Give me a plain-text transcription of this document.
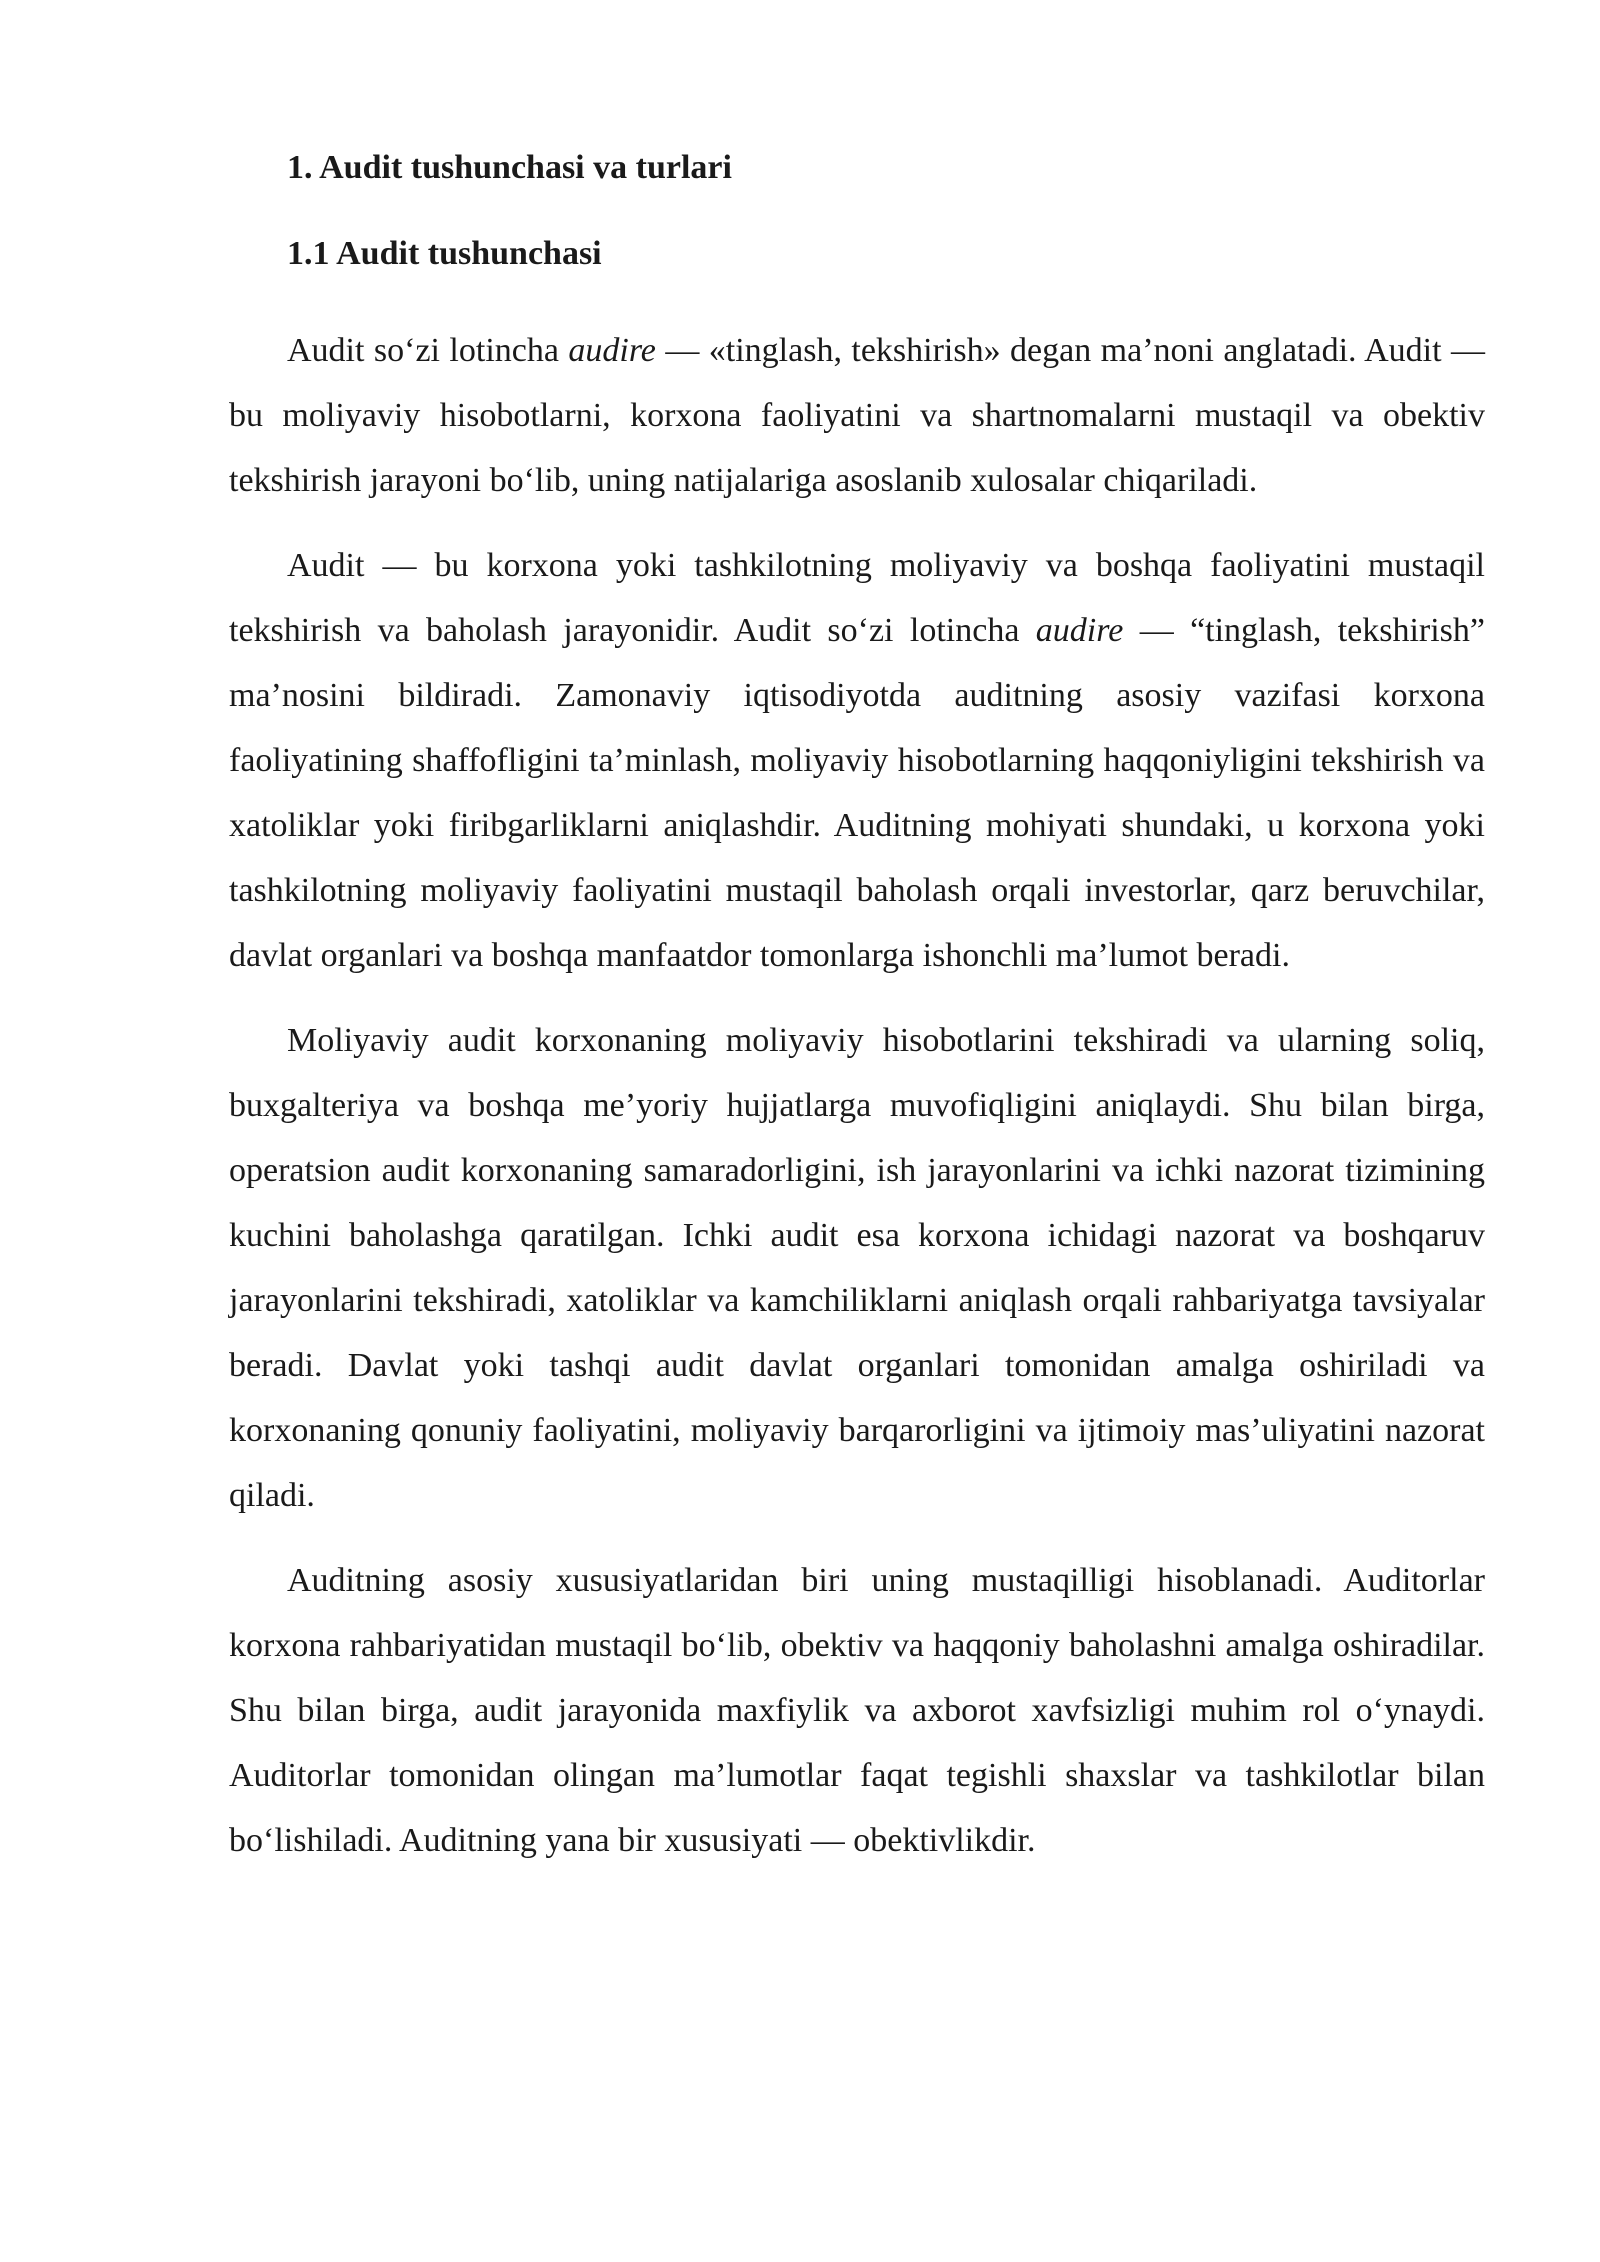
1. Audit tushunchasi va turlari
1.1 Audit tushunchasi

Audit so‘zi lotincha audire — «tinglash, tekshirish» degan ma’noni anglatadi. Audit — bu moliyaviy hisobotlarni, korxona faoliyatini va shartnomalarni mustaqil va obektiv tekshirish jarayoni bo‘lib, uning natijalariga asoslanib xulosalar chiqariladi.

Audit — bu korxona yoki tashkilotning moliyaviy va boshqa faoliyatini mustaqil tekshirish va baholash jarayonidir. Audit so‘zi lotincha audire — “tinglash, tekshirish” ma’nosini bildiradi. Zamonaviy iqtisodiyotda auditning asosiy vazifasi korxona faoliyatining shaffofligini ta’minlash, moliyaviy hisobotlarning haqqoniyligini tekshirish va xatoliklar yoki firibgarliklarni aniqlashdir. Auditning mohiyati shundaki, u korxona yoki tashkilotning moliyaviy faoliyatini mustaqil baholash orqali investorlar, qarz beruvchilar, davlat organlari va boshqa manfaatdor tomonlarga ishonchli ma’lumot beradi.

Moliyaviy audit korxonaning moliyaviy hisobotlarini tekshiradi va ularning soliq, buxgalteriya va boshqa me’yoriy hujjatlarga muvofiqligini aniqlaydi. Shu bilan birga, operatsion audit korxonaning samaradorligini, ish jarayonlarini va ichki nazorat tizimining kuchini baholashga qaratilgan. Ichki audit esa korxona ichidagi nazorat va boshqaruv jarayonlarini tekshiradi, xatoliklar va kamchiliklarni aniqlash orqali rahbariyatga tavsiyalar beradi. Davlat yoki tashqi audit davlat organlari tomonidan amalga oshiriladi va korxonaning qonuniy faoliyatini, moliyaviy barqarorligini va ijtimoiy mas’uliyatini nazorat qiladi.

Auditning asosiy xususiyatlaridan biri uning mustaqilligi hisoblanadi. Auditorlar korxona rahbariyatidan mustaqil bo‘lib, obektiv va haqqoniy baholashni amalga oshiradilar. Shu bilan birga, audit jarayonida maxfiylik va axborot xavfsizligi muhim rol o‘ynaydi. Auditorlar tomonidan olingan ma’lumotlar faqat tegishli shaxslar va tashkilotlar bilan bo‘lishiladi. Auditning yana bir xususiyati — obektivlikdir.
